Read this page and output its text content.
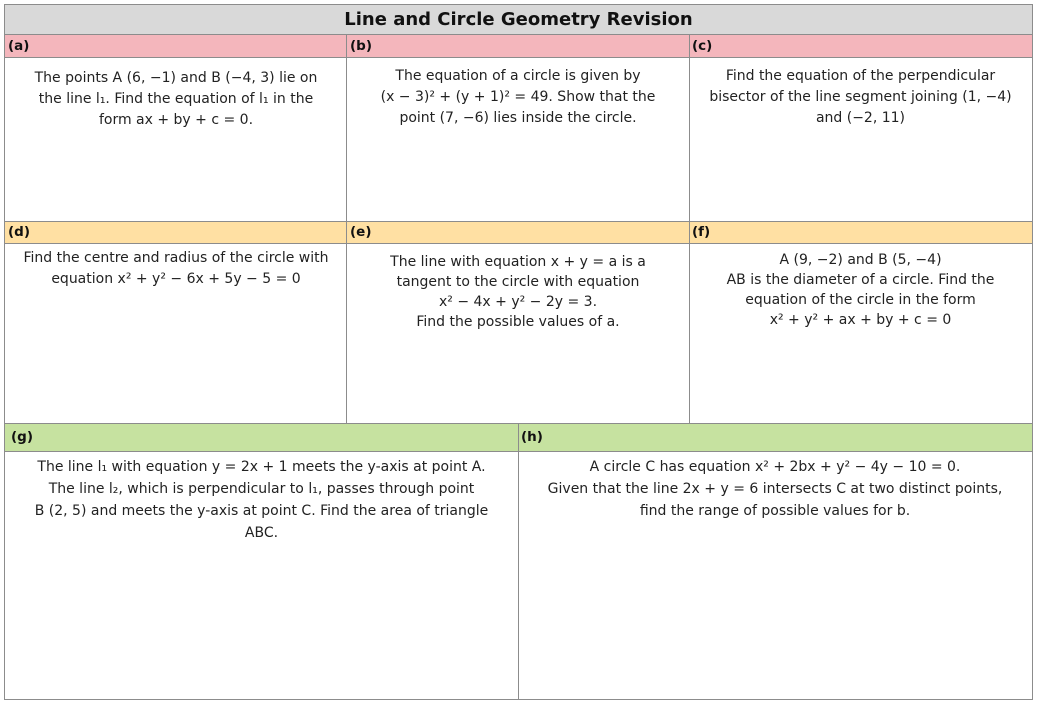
Line and Circle Geometry Revision
(a)
The points A (6, −1) and B (−4, 3) lie on
the line l₁. Find the equation of l₁ in the
form ax + by + c = 0.
(b)
The equation of a circle is given by
(x − 3)² + (y + 1)² = 49. Show that the
point (7, −6) lies inside the circle.
(c)
Find the equation of the perpendicular
bisector of the line segment joining (1, −4)
and (−2, 11)
(d)
Find the centre and radius of the circle with
equation x² + y² − 6x + 5y − 5 = 0
(e)
The line with equation x + y = a is a
tangent to the circle with equation
x² − 4x + y² − 2y = 3.
Find the possible values of a.
(f)
A (9, −2) and B (5, −4)
AB is the diameter of a circle. Find the
equation of the circle in the form
x² + y² + ax + by + c = 0
(g)
The line l₁ with equation y = 2x + 1 meets the y-axis at point A.
The line l₂, which is perpendicular to l₁, passes through point
B (2, 5) and meets the y-axis at point C. Find the area of triangle
ABC.
(h)
A circle C has equation x² + 2bx + y² − 4y − 10 = 0.
Given that the line 2x + y = 6 intersects C at two distinct points,
find the range of possible values for b.
